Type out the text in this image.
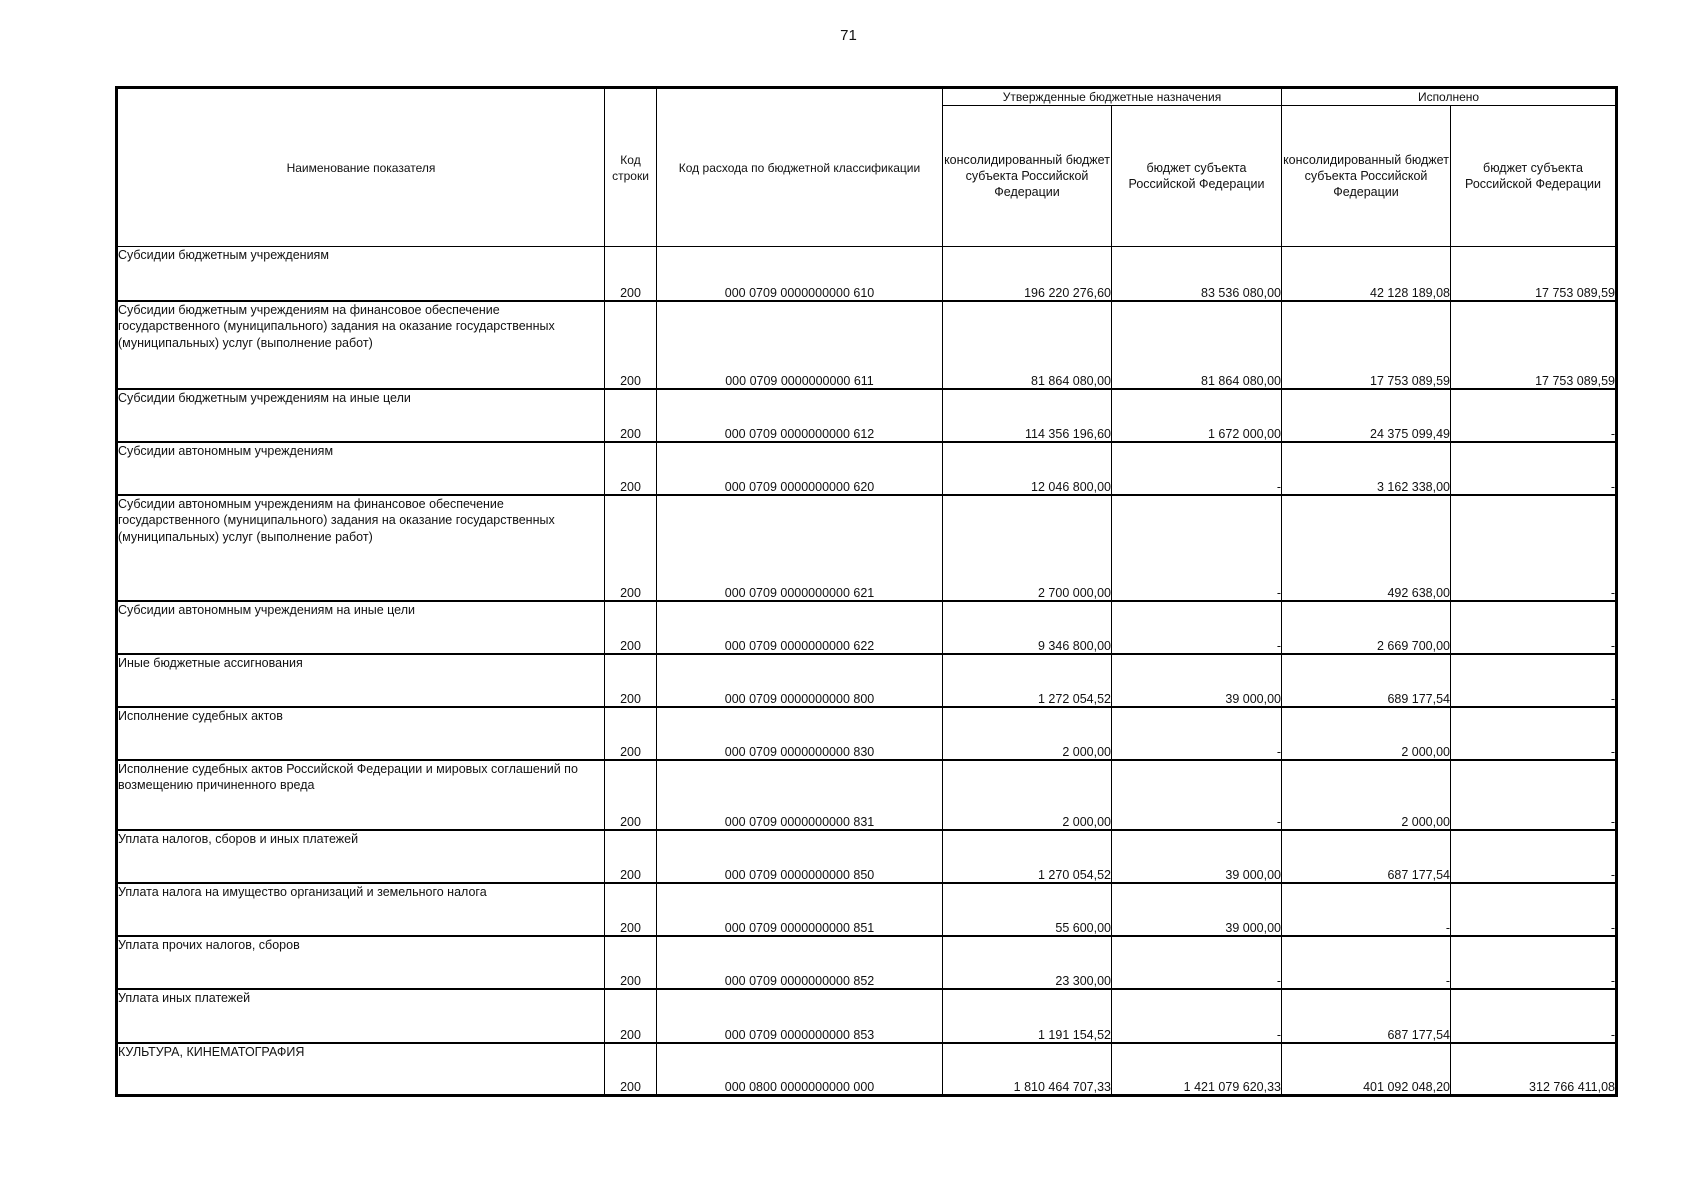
71
Наименование показателя	Код строки	Код расхода по бюджетной классификации	Утвержденные бюджетные назначения		Исполнено	
			консолидированный бюджет субъекта Российской Федерации	бюджет субъекта Российской Федерации	консолидированный бюджет субъекта Российской Федерации	бюджет субъекта Российской Федерации
Субсидии бюджетным учреждениям	200	000 0709 0000000000 610	196 220 276,60	83 536 080,00	42 128 189,08	17 753 089,59
Субсидии бюджетным учреждениям на финансовое обеспечение государственного (муниципального) задания на оказание государственных (муниципальных) услуг (выполнение работ)	200	000 0709 0000000000 611	81 864 080,00	81 864 080,00	17 753 089,59	17 753 089,59
Субсидии бюджетным учреждениям на иные цели	200	000 0709 0000000000 612	114 356 196,60	1 672 000,00	24 375 099,49	-
Субсидии автономным учреждениям	200	000 0709 0000000000 620	12 046 800,00	-	3 162 338,00	-
Субсидии автономным учреждениям на финансовое обеспечение государственного (муниципального) задания на оказание государственных (муниципальных) услуг (выполнение работ)	200	000 0709 0000000000 621	2 700 000,00	-	492 638,00	-
Субсидии автономным учреждениям на иные цели	200	000 0709 0000000000 622	9 346 800,00	-	2 669 700,00	-
Иные бюджетные ассигнования	200	000 0709 0000000000 800	1 272 054,52	39 000,00	689 177,54	-
Исполнение судебных актов	200	000 0709 0000000000 830	2 000,00	-	2 000,00	-
Исполнение судебных актов Российской Федерации и мировых соглашений по возмещению причиненного вреда	200	000 0709 0000000000 831	2 000,00	-	2 000,00	-
Уплата налогов, сборов и иных платежей	200	000 0709 0000000000 850	1 270 054,52	39 000,00	687 177,54	-
Уплата налога на имущество организаций и земельного налога	200	000 0709 0000000000 851	55 600,00	39 000,00	-	-
Уплата прочих налогов, сборов	200	000 0709 0000000000 852	23 300,00	-	-	-
Уплата иных платежей	200	000 0709 0000000000 853	1 191 154,52	-	687 177,54	-
КУЛЬТУРА, КИНЕМАТОГРАФИЯ	200	000 0800 0000000000 000	1 810 464 707,33	1 421 079 620,33	401 092 048,20	312 766 411,08
